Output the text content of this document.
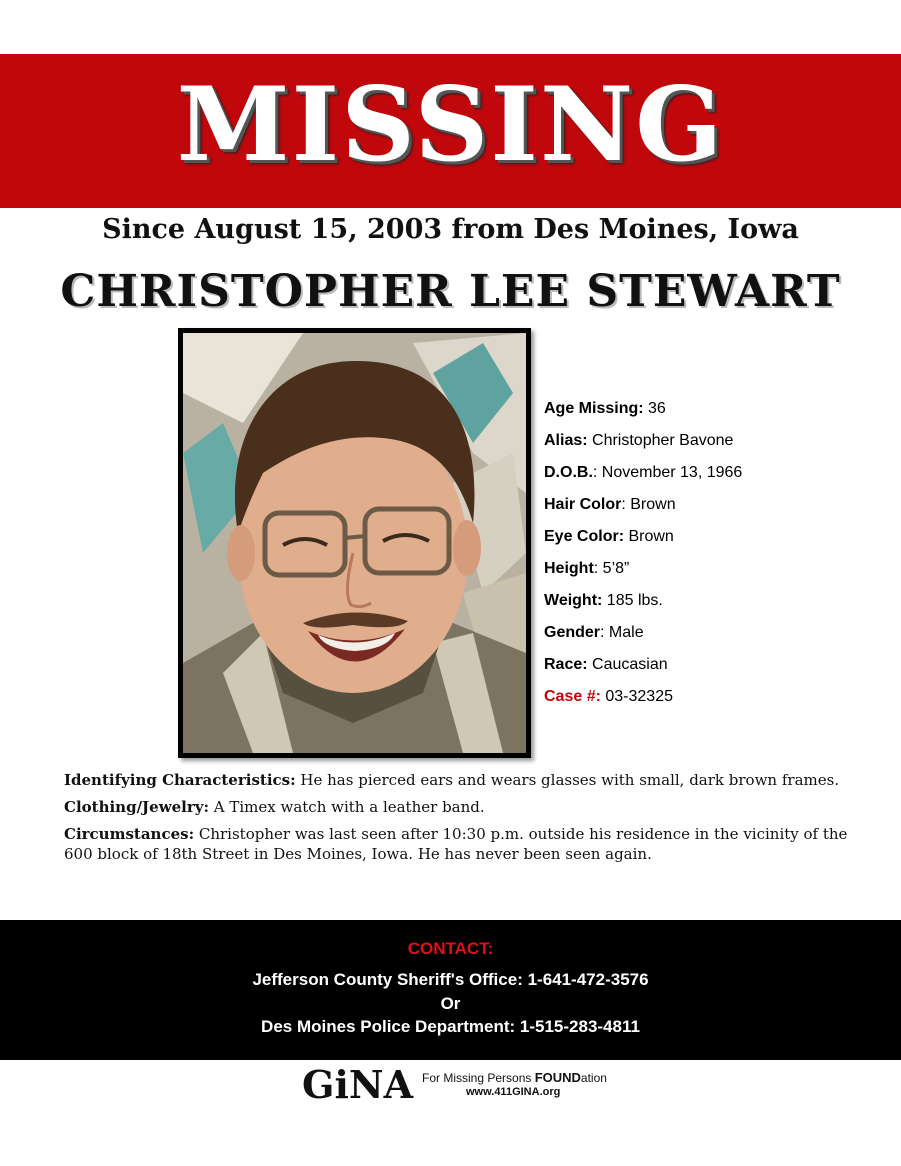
MISSING
Since August 15, 2003 from Des Moines, Iowa
CHRISTOPHER LEE STEWART
Age Missing: 36
Alias: Christopher Bavone
D.O.B.: November 13, 1966
Hair Color: Brown
Eye Color: Brown
Height: 5’8”
Weight: 185 lbs.
Gender: Male
Race: Caucasian
Case #: 03-32325

Identifying Characteristics: He has pierced ears and wears glasses with small, dark brown frames.

Clothing/Jewelry: A Timex watch with a leather band.

Circumstances: Christopher was last seen after 10:30 p.m. outside his residence in the vicinity of the 600 block of 18th Street in Des Moines, Iowa. He has never been seen again.

CONTACT:
Jefferson County Sheriff's Office: 1-641-472-3576
Or
Des Moines Police Department: 1-515-283-4811
GiNA For Missing Persons FOUNDation
www.411GINA.org
